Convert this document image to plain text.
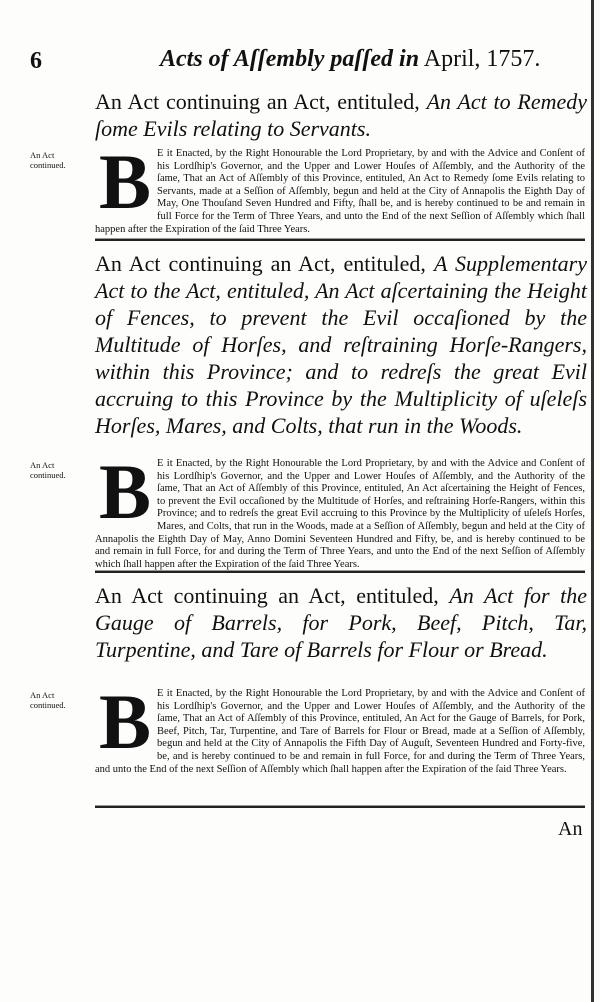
6	Acts of Aſſembly paſſed in April, 1757.
An Act continuing an Act, entituled, An Act to Remedy ſome Evils relating to Servants.
An Act continued. B E it Enacted, by the Right Honourable the Lord Proprietary, by and with the Advice and Conſent of his Lordſhip's Governor, and the Upper and Lower Houſes of Aſſembly, and the Authority of the ſame, That an Act of Aſſembly of this Province, entituled, An Act to Remedy ſome Evils relating to Servants, made at a Seſſion of Aſſembly, begun and held at the City of Annapolis the Eighth Day of May, One Thouſand Seven Hundred and Fifty, ſhall be, and is hereby continued to be and remain in full Force for the Term of Three Years, and unto the End of the next Seſſion of Aſſembly which ſhall happen after the Expiration of the ſaid Three Years.
An Act continuing an Act, entituled, A Supplementary Act to the Act, entituled, An Act aſcertaining the Height of Fences, to prevent the Evil occaſioned by the Multitude of Horſes, and reſtraining Horſe-Rangers, within this Province; and to redreſs the great Evil accruing to this Province by the Multiplicity of uſeleſs Horſes, Mares, and Colts, that run in the Woods.
An Act continued. B E it Enacted, by the Right Honourable the Lord Proprietary, by and with the Advice and Conſent of his Lordſhip's Governor, and the Upper and Lower Houſes of Aſſembly, and the Authority of the ſame, That an Act of Aſſembly of this Province, entituled, An Act aſcertaining the Height of Fences, to prevent the Evil occaſioned by the Multitude of Horſes, and reſtraining Horſe-Rangers, within this Province; and to redreſs the great Evil accruing to this Province by the Multiplicity of uſeleſs Horſes, Mares, and Colts, that run in the Woods, made at a Seſſion of Aſſembly, begun and held at the City of Annapolis the Eighth Day of May, Anno Domini Seventeen Hundred and Fifty, be, and is hereby continued to be and remain in full Force, for and during the Term of Three Years, and unto the End of the next Seſſion of Aſſembly which ſhall happen after the Expiration of the ſaid Three Years.
An Act continuing an Act, entituled, An Act for the Gauge of Barrels, for Pork, Beef, Pitch, Tar, Turpentine, and Tare of Barrels for Flour or Bread.
An Act continued. B E it Enacted, by the Right Honourable the Lord Proprietary, by and with the Advice and Conſent of his Lordſhip's Governor, and the Upper and Lower Houſes of Aſſembly, and the Authority of the ſame, That an Act of Aſſembly of this Province, entituled, An Act for the Gauge of Barrels, for Pork, Beef, Pitch, Tar, Turpentine, and Tare of Barrels for Flour or Bread, made at a Seſſion of Aſſembly, begun and held at the City of Annapolis the Fifth Day of Auguſt, Seventeen Hundred and Forty-five, be, and is hereby continued to be and remain in full Force, for and during the Term of Three Years, and unto the End of the next Seſſion of Aſſembly which ſhall happen after the Expiration of the ſaid Three Years.
An
